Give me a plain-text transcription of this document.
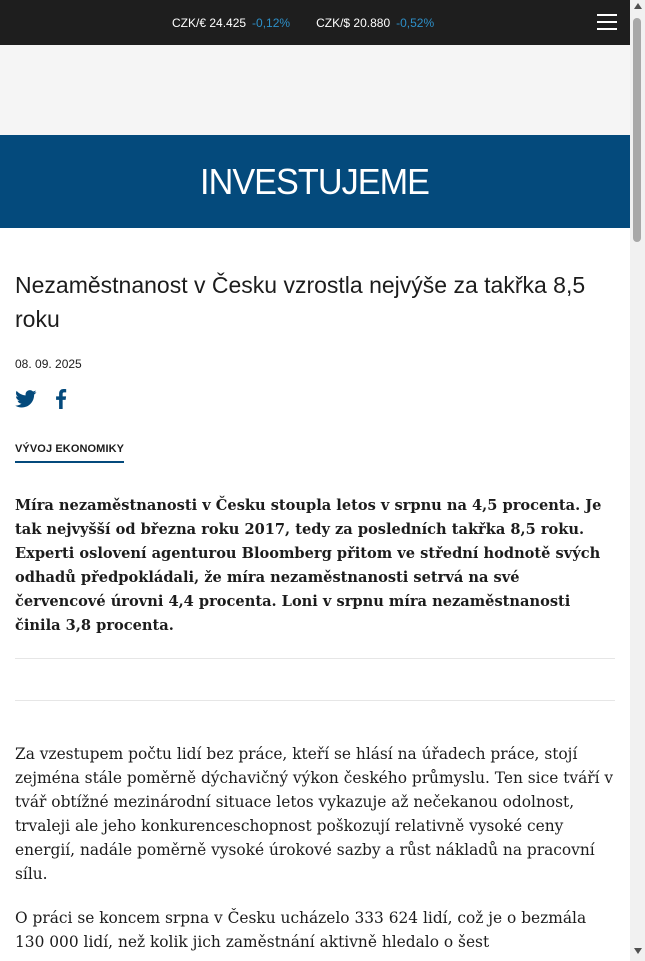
CZK/€ 24.425 -0,12% CZK/$ 20.880 -0,52%
INVESTUJEME
Nezaměstnanost v Česku vzrostla nejvýše za takřka 8,5 roku
08. 09. 2025
VÝVOJ EKONOMIKY

Míra nezaměstnanosti v Česku stoupla letos v srpnu na 4,5 procenta. Je tak nejvyšší od března roku 2017, tedy za posledních takřka 8,5 roku. Experti oslovení agenturou Bloomberg přitom ve střední hodnotě svých odhadů předpokládali, že míra nezaměstnanosti setrvá na své červencové úrovni 4,4 procenta. Loni v srpnu míra nezaměstnanosti činila 3,8 procenta.

Za vzestupem počtu lidí bez práce, kteří se hlásí na úřadech práce, stojí zejména stále poměrně dýchavičný výkon českého průmyslu. Ten sice tváří v tvář obtížné mezinárodní situace letos vykazuje až nečekanou odolnost, trvaleji ale jeho konkurenceschopnost poškozují relativně vysoké ceny energií, nadále poměrně vysoké úrokové sazby a růst nákladů na pracovní sílu.

O práci se koncem srpna v Česku ucházelo 333 624 lidí, což je o bezmála 130 000 lidí, než kolik jich zaměstnání aktivně hledalo o šest
